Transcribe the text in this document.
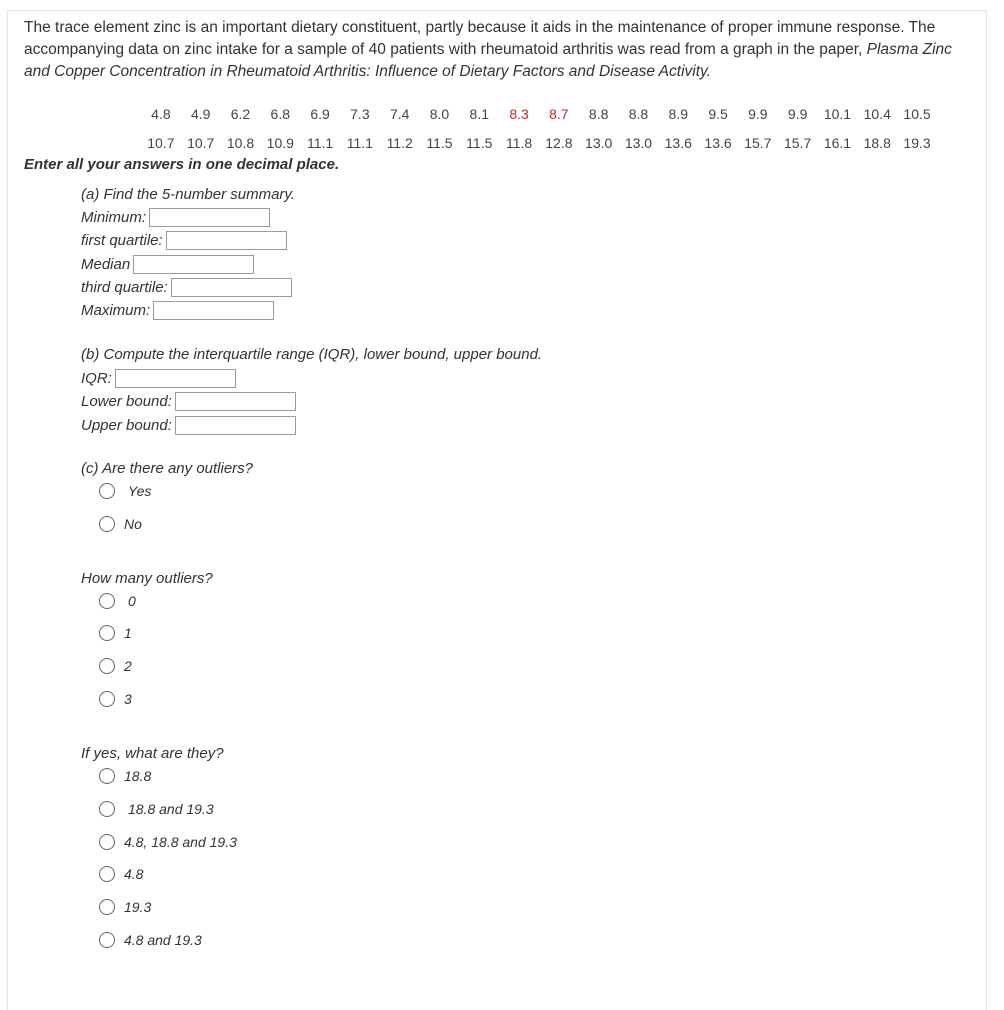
The trace element zinc is an important dietary constituent, partly because it aids in the maintenance of proper immune response. The accompanying data on zinc intake for a sample of 40 patients with rheumatoid arthritis was read from a graph in the paper, Plasma Zinc and Copper Concentration in Rheumatoid Arthritis: Influence of Dietary Factors and Disease Activity.
4.8	4.9	6.2	6.8	6.9	7.3	7.4	8.0	8.1	8.3	8.7	8.8	8.8	8.9	9.5	9.9	9.9	10.1	10.4	10.5
10.7	10.7	10.8	10.9	11.1	11.1	11.2	11.5	11.5	11.8	12.8	13.0	13.0	13.6	13.6	15.7	15.7	16.1	18.8	19.3
Enter all your answers in one decimal place.
(a) Find the 5-number summary.
Minimum:
first quartile:
Median
third quartile:
Maximum:
(b) Compute the interquartile range (IQR), lower bound, upper bound.
IQR:
Lower bound:
Upper bound:
(c) Are there any outliers?
Yes
No
How many outliers?
0
1
2
3
If yes, what are they?
18.8
18.8 and 19.3
4.8, 18.8 and 19.3
4.8
19.3
4.8 and 19.3
